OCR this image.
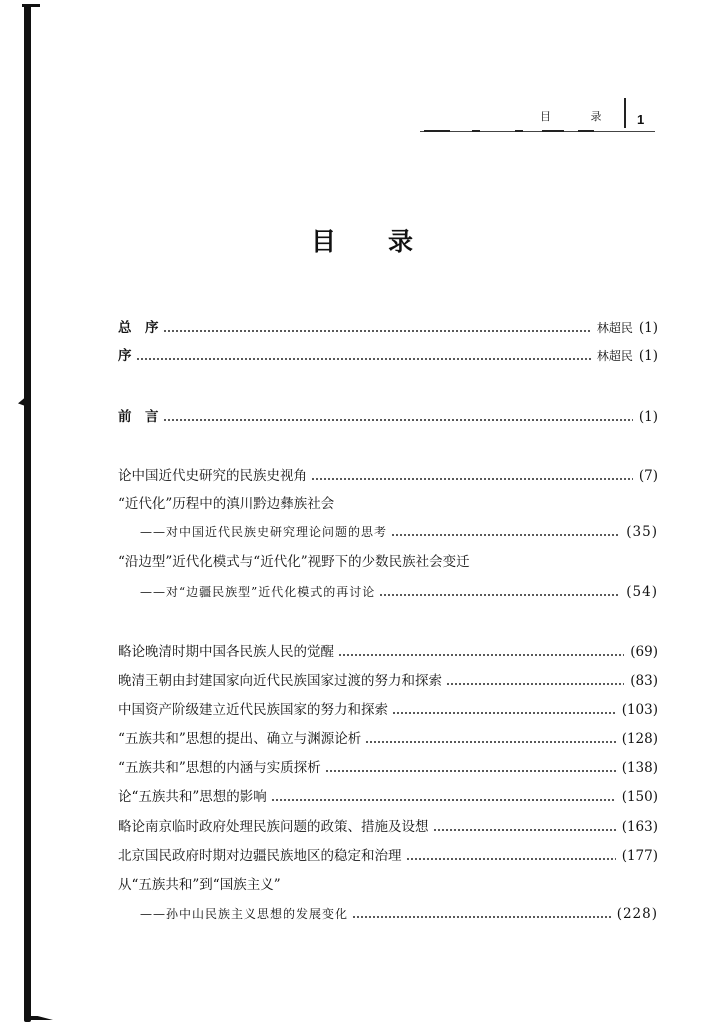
目 录 1
目录
总　序	林超民 (1)
序	林超民 (1)
前　言	(1)
论中国近代史研究的民族史视角	(7)
“近代化”历程中的滇川黔边彝族社会
——对中国近代民族史研究理论问题的思考	(35)
“沿边型”近代化模式与“近代化”视野下的少数民族社会变迁
——对“边疆民族型”近代化模式的再讨论	(54)
略论晚清时期中国各民族人民的觉醒	(69)
晚清王朝由封建国家向近代民族国家过渡的努力和探索	(83)
中国资产阶级建立近代民族国家的努力和探索	(103)
“五族共和”思想的提出、确立与渊源论析	(128)
“五族共和”思想的内涵与实质探析	(138)
论“五族共和”思想的影响	(150)
略论南京临时政府处理民族问题的政策、措施及设想	(163)
北京国民政府时期对边疆民族地区的稳定和治理	(177)
从“五族共和”到“国族主义”
——孙中山民族主义思想的发展变化	(228)
